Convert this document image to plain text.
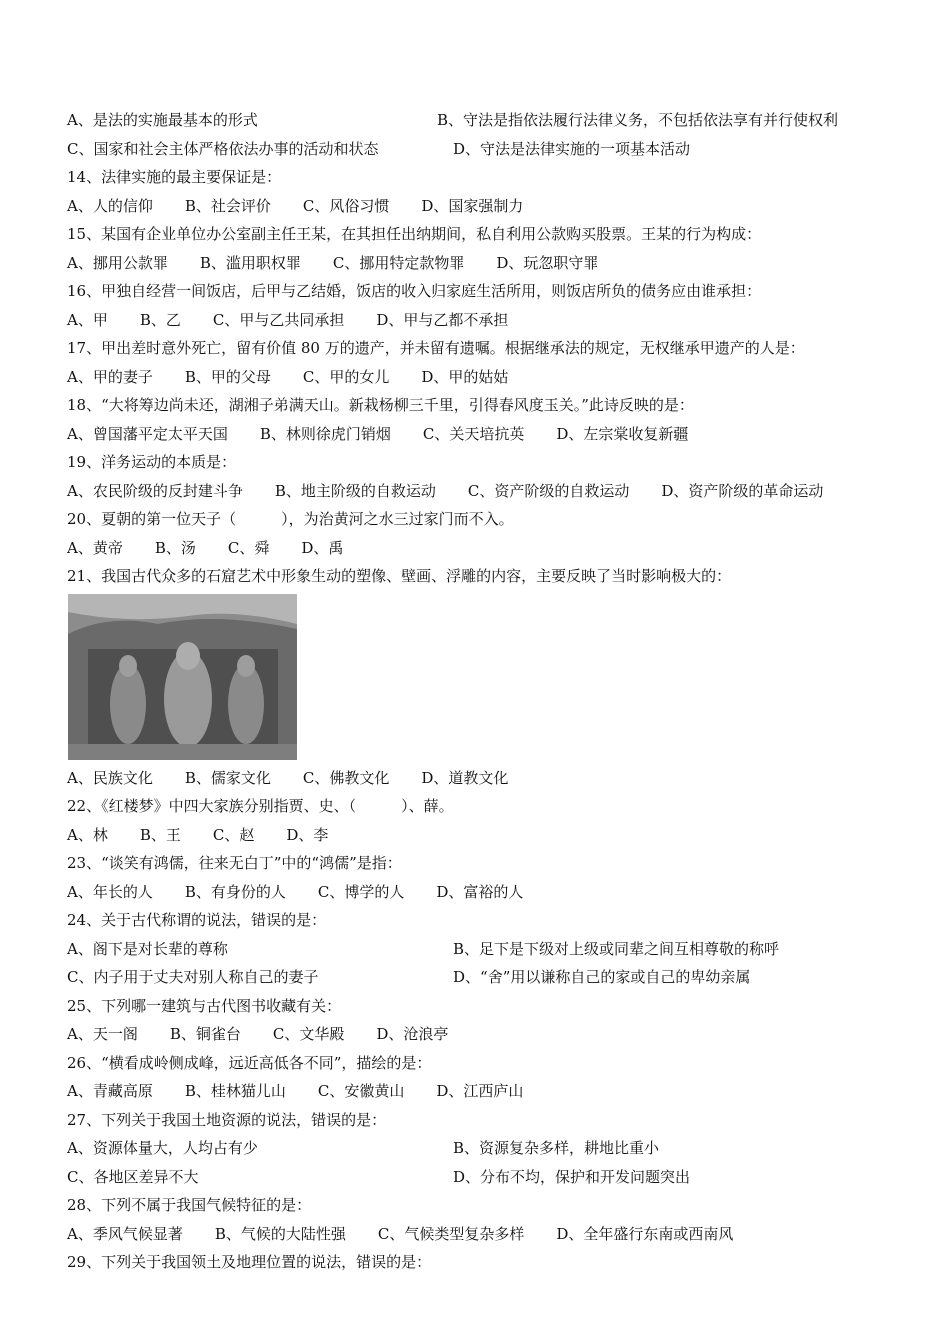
A、是法的实施最基本的形式	B、守法是指依法履行法律义务，不包括依法享有并行使权利
C、国家和社会主体严格依法办事的活动和状态	D、守法是法律实施的一项基本活动
14、法律实施的最主要保证是：
A、人的信仰 B、社会评价 C、风俗习惯 D、国家强制力
15、某国有企业单位办公室副主任王某，在其担任出纳期间，私自利用公款购买股票。王某的行为构成：
A、挪用公款罪 B、滥用职权罪 C、挪用特定款物罪 D、玩忽职守罪
16、甲独自经营一间饭店，后甲与乙结婚，饭店的收入归家庭生活所用，则饭店所负的债务应由谁承担：
A、甲 B、乙 C、甲与乙共同承担 D、甲与乙都不承担
17、甲出差时意外死亡，留有价值 80 万的遗产，并未留有遗嘱。根据继承法的规定，无权继承甲遗产的人是：
A、甲的妻子 B、甲的父母 C、甲的女儿 D、甲的姑姑
18、“大将筹边尚未还，湖湘子弟满天山。新栽杨柳三千里，引得春风度玉关。”此诗反映的是：
A、曾国藩平定太平天国 B、林则徐虎门销烟 C、关天培抗英 D、左宗棠收复新疆
19、洋务运动的本质是：
A、农民阶级的反封建斗争 B、地主阶级的自救运动 C、资产阶级的自救运动 D、资产阶级的革命运动
20、夏朝的第一位天子（　　　），为治黄河之水三过家门而不入。
A、黄帝 B、汤 C、舜 D、禹
21、我国古代众多的石窟艺术中形象生动的塑像、壁画、浮雕的内容，主要反映了当时影响极大的：
A、民族文化 B、儒家文化 C、佛教文化 D、道教文化
22、《红楼梦》中四大家族分别指贾、史、（　　　）、薛。
A、林 B、王 C、赵 D、李
23、“谈笑有鸿儒，往来无白丁”中的“鸿儒”是指：
A、年长的人 B、有身份的人 C、博学的人 D、富裕的人
24、关于古代称谓的说法，错误的是：
A、阁下是对长辈的尊称	B、足下是下级对上级或同辈之间互相尊敬的称呼
C、内子用于丈夫对别人称自己的妻子	D、“舍”用以谦称自己的家或自己的卑幼亲属
25、下列哪一建筑与古代图书收藏有关：
A、天一阁 B、铜雀台 C、文华殿 D、沧浪亭
26、“横看成岭侧成峰，远近高低各不同”，描绘的是：
A、青藏高原 B、桂林猫儿山 C、安徽黄山 D、江西庐山
27、下列关于我国土地资源的说法，错误的是：
A、资源体量大，人均占有少	B、资源复杂多样，耕地比重小
C、各地区差异不大	D、分布不均，保护和开发问题突出
28、下列不属于我国气候特征的是：
A、季风气候显著 B、气候的大陆性强 C、气候类型复杂多样 D、全年盛行东南或西南风
29、下列关于我国领土及地理位置的说法，错误的是：
